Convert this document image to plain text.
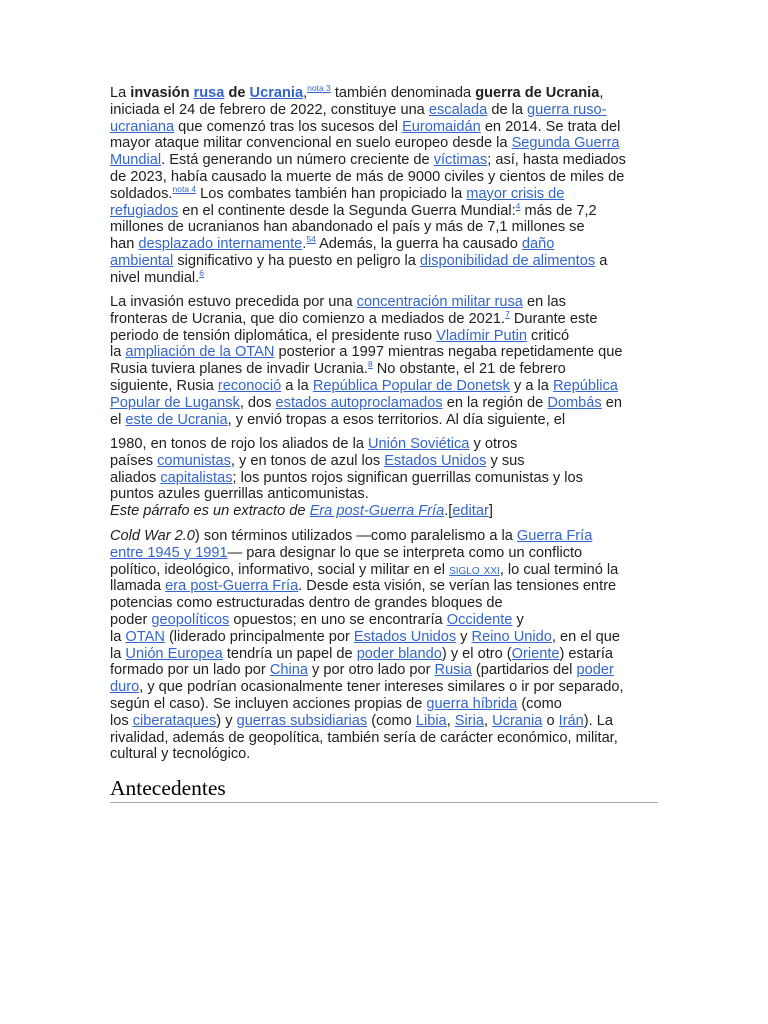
La invasión rusa de Ucrania,$^{nota 3}$ también denominada guerra de Ucrania,
iniciada el 24 de febrero de 2022, constituye una escalada de la guerra ruso-
ucraniana que comenzó tras los sucesos del Euromaidán en 2014. Se trata del
mayor ataque militar convencional en suelo europeo desde la Segunda Guerra
Mundial. Está generando un número creciente de víctimas; así, hasta mediados
de 2023, había causado la muerte de más de 9000 civiles y cientos de miles de
soldados.$^{nota 4}$ Los combates también han propiciado la mayor crisis de
refugiados en el continente desde la Segunda Guerra Mundial:$^4$ más de 7,2
millones de ucranianos han abandonado el país y más de 7,1 millones se
han desplazado internamente.$^{54}$ Además, la guerra ha causado daño
ambiental significativo y ha puesto en peligro la disponibilidad de alimentos a
nivel mundial.$^6$

La invasión estuvo precedida por una concentración militar rusa en las
fronteras de Ucrania, que dio comienzo a mediados de 2021.$^7$ Durante este
periodo de tensión diplomática, el presidente ruso Vladímir Putin criticó
la ampliación de la OTAN posterior a 1997 mientras negaba repetidamente que
Rusia tuviera planes de invadir Ucrania.$^8$ No obstante, el 21 de febrero
siguiente, Rusia reconoció a la República Popular de Donetsk y a la República
Popular de Lugansk, dos estados autoproclamados en la región de Dombás en
el este de Ucrania, y envió tropas a esos territorios. Al día siguiente, el

1980, en tonos de rojo los aliados de la Unión Soviética y otros
países comunistas, y en tonos de azul los Estados Unidos y sus
aliados capitalistas; los puntos rojos significan guerrillas comunistas y los
puntos azules guerrillas anticomunistas.
Este párrafo es un extracto de Era post-Guerra Fría.[editar]

Cold War 2.0) son términos utilizados —como paralelismo a la Guerra Fría
entre 1945 y 1991— para designar lo que se interpreta como un conflicto
político, ideológico, informativo, social y militar en el siglo xxi, lo cual terminó la
llamada era post-Guerra Fría. Desde esta visión, se verían las tensiones entre
potencias como estructuradas dentro de grandes bloques de
poder geopolíticos opuestos; en uno se encontraría Occidente y
la OTAN (liderado principalmente por Estados Unidos y Reino Unido, en el que
la Unión Europea tendría un papel de poder blando) y el otro (Oriente) estaría
formado por un lado por China y por otro lado por Rusia (partidarios del poder
duro, y que podrían ocasionalmente tener intereses similares o ir por separado,
según el caso). Se incluyen acciones propias de guerra híbrida (como
los ciberataques) y guerras subsidiarias (como Libia, Siria, Ucrania o Irán). La
rivalidad, además de geopolítica, también sería de carácter económico, militar,
cultural y tecnológico.

Antecedentes
